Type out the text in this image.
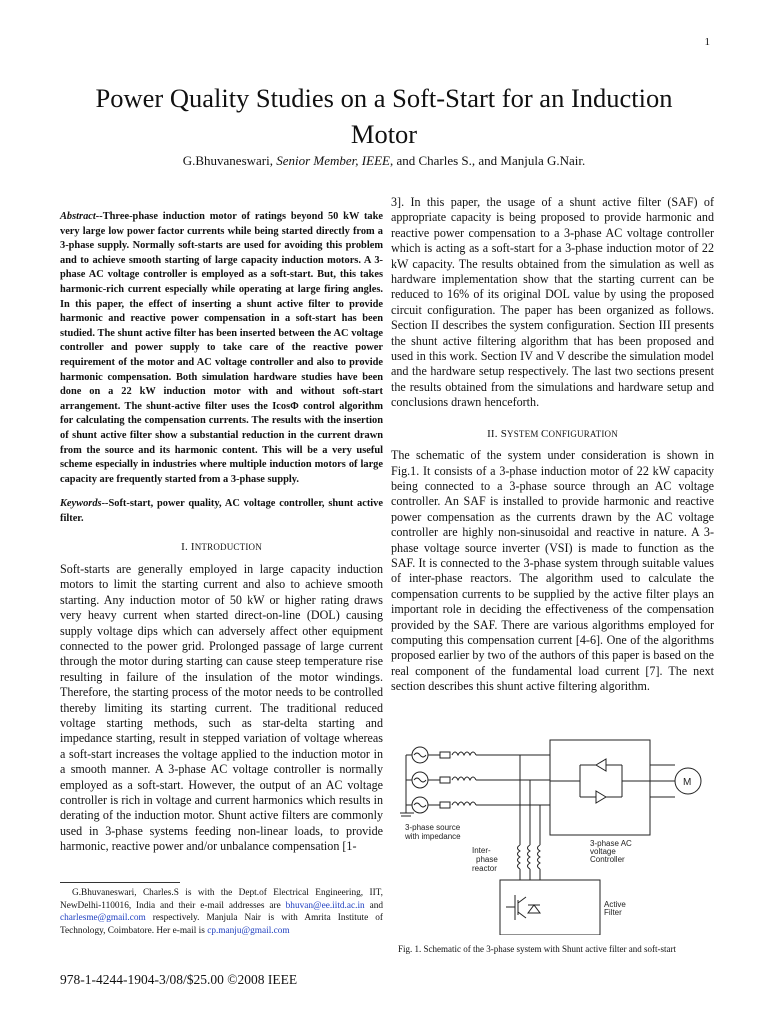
1
Power Quality Studies on a Soft-Start for an Induction Motor
G.Bhuvaneswari, Senior Member, IEEE, and Charles S., and Manjula G.Nair.

Abstract--Three-phase induction motor of ratings beyond 50 kW take very large low power factor currents while being started directly from a 3-phase supply. Normally soft-starts are used for avoiding this problem and to achieve smooth starting of large capacity induction motors. A 3-phase AC voltage controller is employed as a soft-start. But, this takes harmonic-rich current especially while operating at large firing angles. In this paper, the effect of inserting a shunt active filter to provide harmonic and reactive power compensation in a soft-start has been studied. The shunt active filter has been inserted between the AC voltage controller and power supply to take care of the reactive power requirement of the motor and AC voltage controller and also to provide harmonic compensation. Both simulation hardware studies have been done on a 22 kW induction motor with and without soft-start arrangement. The shunt-active filter uses the IcosΦ control algorithm for calculating the compensation currents. The results with the insertion of shunt active filter show a substantial reduction in the current drawn from the source and its harmonic content. This will be a very useful scheme especially in industries where multiple induction motors of large capacity are frequently started from a 3-phase supply.

Keywords--Soft-start, power quality, AC voltage controller, shunt active filter.

I. INTRODUCTION

Soft-starts are generally employed in large capacity induction motors to limit the starting current and also to achieve smooth starting. Any induction motor of 50 kW or higher rating draws very heavy current when started direct-on-line (DOL) causing supply voltage dips which can adversely affect other equipment connected to the power grid. Prolonged passage of large current through the motor during starting can cause steep temperature rise resulting in failure of the insulation of the motor windings. Therefore, the starting process of the motor needs to be controlled thereby limiting its starting current. The traditional reduced voltage starting methods, such as star-delta starting and impedance starting, result in stepped variation of voltage whereas a soft-start increases the voltage applied to the induction motor in a smooth manner. A 3-phase AC voltage controller is normally employed as a soft-start. However, the output of an AC voltage controller is rich in voltage and current harmonics which results in derating of the induction motor. Shunt active filters are commonly used in 3-phase systems feeding non-linear loads, to provide harmonic, reactive power and/or unbalance compensation [1-

3]. In this paper, the usage of a shunt active filter (SAF) of appropriate capacity is being proposed to provide harmonic and reactive power compensation to a 3-phase AC voltage controller which is acting as a soft-start for a 3-phase induction motor of 22 kW capacity. The results obtained from the simulation as well as hardware implementation show that the starting current can be reduced to 16% of its original DOL value by using the proposed circuit configuration. The paper has been organized as follows. Section II describes the system configuration. Section III presents the shunt active filtering algorithm that has been proposed and used in this work. Section IV and V describe the simulation model and the hardware setup respectively. The last two sections present the results obtained from the simulations and hardware setup and conclusions drawn henceforth.

II. SYSTEM CONFIGURATION

The schematic of the system under consideration is shown in Fig.1. It consists of a 3-phase induction motor of 22 kW capacity being connected to a 3-phase source through an AC voltage controller. An SAF is installed to provide harmonic and reactive power compensation as the currents drawn by the AC voltage controller are highly non-sinusoidal and reactive in nature. A 3-phase voltage source inverter (VSI) is made to function as the SAF. It is connected to the 3-phase system through suitable values of inter-phase reactors. The algorithm used to calculate the compensation currents to be supplied by the active filter plays an important role in deciding the effectiveness of the compensation provided by the SAF. There are various algorithms employed for computing this compensation current [4-6]. One of the algorithms proposed earlier by two of the authors of this paper is based on the real component of the fundamental load current [7]. The next section describes this shunt active filtering algorithm.

3-phase source
with impedance
Inter-
phase
reactor
3-phase AC
voltage
Controller
Active
Filter
M
Fig. 1. Schematic of the 3-phase system with Shunt active filter and soft-start
G.Bhuvaneswari, Charles.S is with the Dept.of Electrical Engineering, IIT, NewDelhi-110016, India and their e-mail addresses are bhuvan@ee.iitd.ac.in and charlesme@gmail.com respectively. Manjula Nair is with Amrita Institute of Technology, Coimbatore. Her e-mail is cp.manju@gmail.com
978-1-4244-1904-3/08/$25.00 ©2008 IEEE
